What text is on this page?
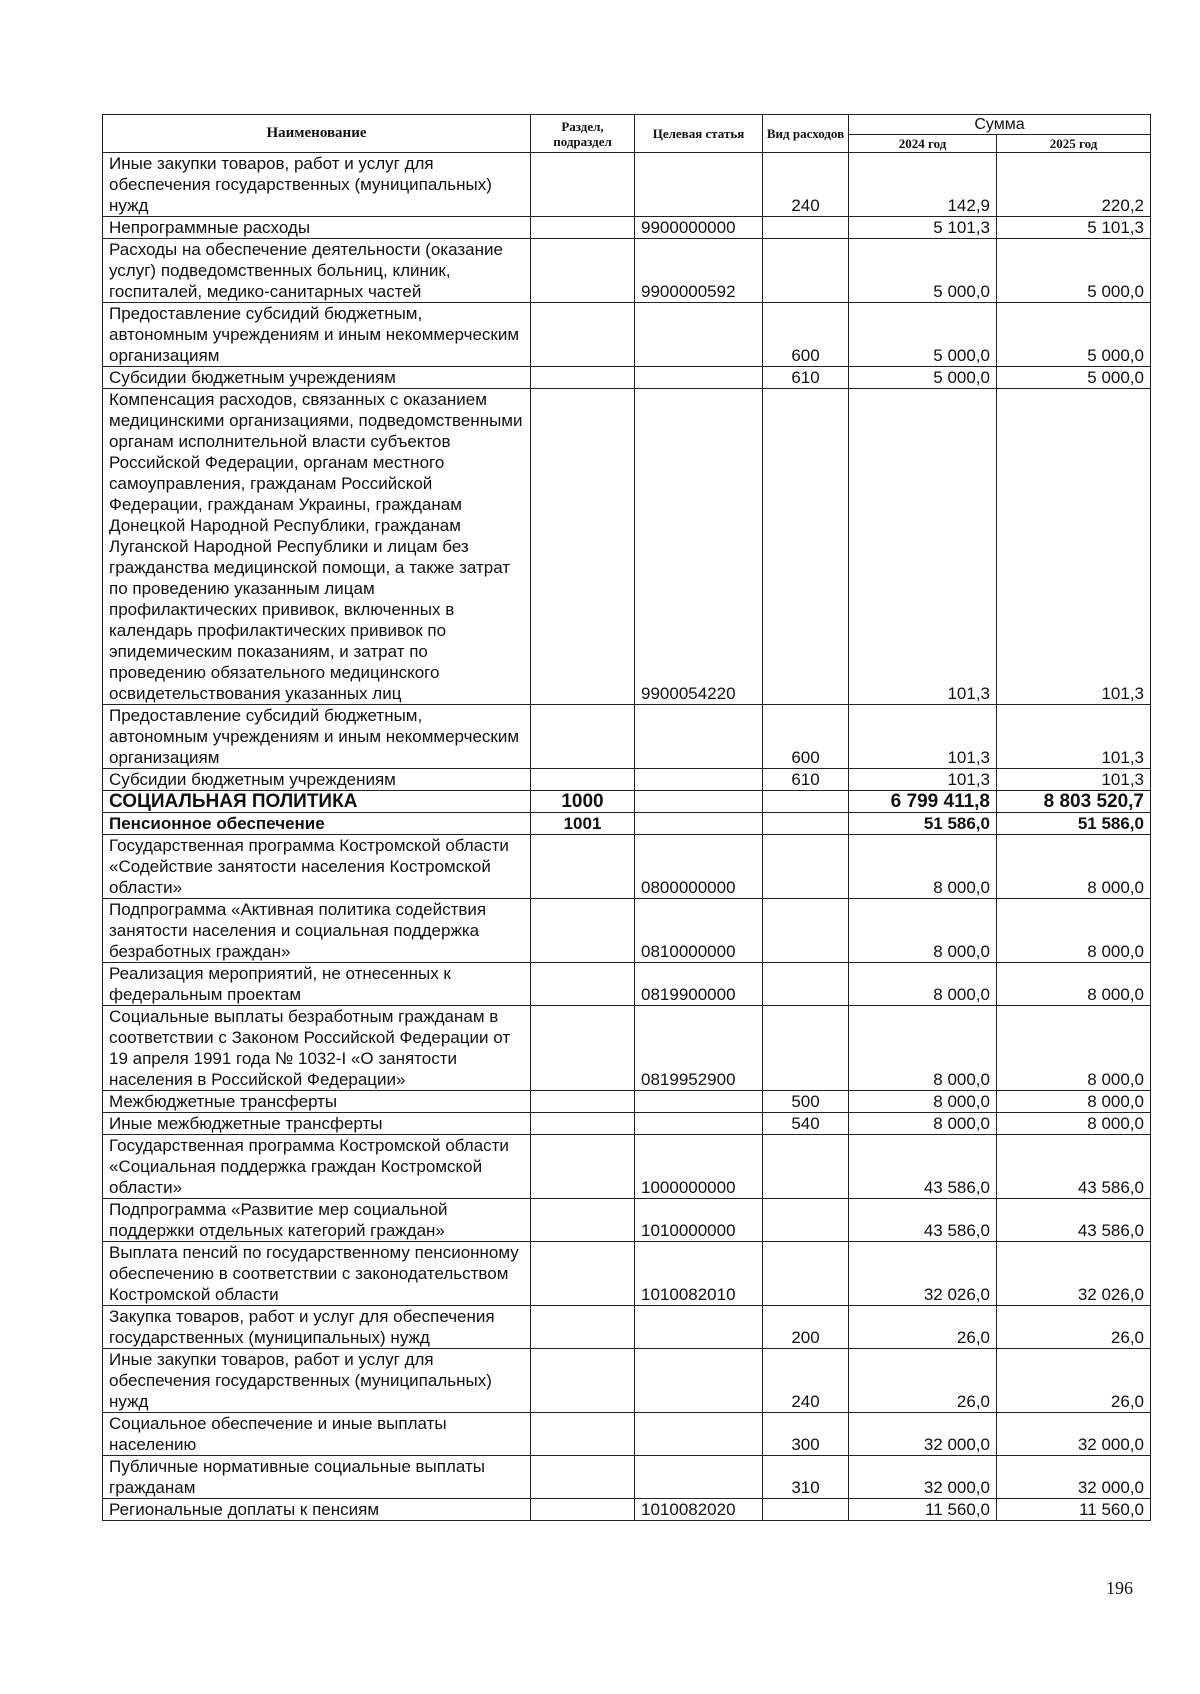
Наименование	Раздел, подраздел	Целевая статья	Вид расходов	Сумма	
				2024 год	2025 год
Иные закупки товаров, работ и услуг для обеспечения государственных (муниципальных) нужд			240	142,9	220,2
Непрограммные расходы		9900000000		5 101,3	5 101,3
Расходы на обеспечение деятельности (оказание услуг) подведомственных больниц, клиник, госпиталей, медико-санитарных частей		9900000592		5 000,0	5 000,0
Предоставление субсидий бюджетным, автономным учреждениям и иным некоммерческим организациям			600	5 000,0	5 000,0
Субсидии бюджетным учреждениям			610	5 000,0	5 000,0
Компенсация расходов, связанных с оказанием медицинскими организациями, подведомственными органам исполнительной власти субъектов Российской Федерации, органам местного самоуправления, гражданам Российской Федерации, гражданам Украины, гражданам Донецкой Народной Республики, гражданам Луганской Народной Республики и лицам без гражданства медицинской помощи, а также затрат по проведению указанным лицам профилактических прививок, включенных в календарь профилактических прививок по эпидемическим показаниям, и затрат по проведению обязательного медицинского освидетельствования указанных лиц		9900054220		101,3	101,3
Предоставление субсидий бюджетным, автономным учреждениям и иным некоммерческим организациям			600	101,3	101,3
Субсидии бюджетным учреждениям			610	101,3	101,3
СОЦИАЛЬНАЯ ПОЛИТИКА	1000			6 799 411,8	8 803 520,7
Пенсионное обеспечение	1001			51 586,0	51 586,0
Государственная программа Костромской области «Содействие занятости населения Костромской области»		0800000000		8 000,0	8 000,0
Подпрограмма «Активная политика содействия занятости населения и социальная поддержка безработных граждан»		0810000000		8 000,0	8 000,0
Реализация мероприятий, не отнесенных к федеральным проектам		0819900000		8 000,0	8 000,0
Социальные выплаты безработным гражданам в соответствии с Законом Российской Федерации от 19 апреля 1991 года № 1032-I «О занятости населения в Российской Федерации»		0819952900		8 000,0	8 000,0
Межбюджетные трансферты			500	8 000,0	8 000,0
Иные межбюджетные трансферты			540	8 000,0	8 000,0
Государственная программа Костромской области «Социальная поддержка граждан Костромской области»		1000000000		43 586,0	43 586,0
Подпрограмма «Развитие мер социальной поддержки отдельных категорий граждан»		1010000000		43 586,0	43 586,0
Выплата пенсий по государственному пенсионному обеспечению в соответствии с законодательством Костромской области		1010082010		32 026,0	32 026,0
Закупка товаров, работ и услуг для обеспечения государственных (муниципальных) нужд			200	26,0	26,0
Иные закупки товаров, работ и услуг для обеспечения государственных (муниципальных) нужд			240	26,0	26,0
Социальное обеспечение и иные выплаты населению			300	32 000,0	32 000,0
Публичные нормативные социальные выплаты гражданам			310	32 000,0	32 000,0
Региональные доплаты к пенсиям		1010082020		11 560,0	11 560,0
196
